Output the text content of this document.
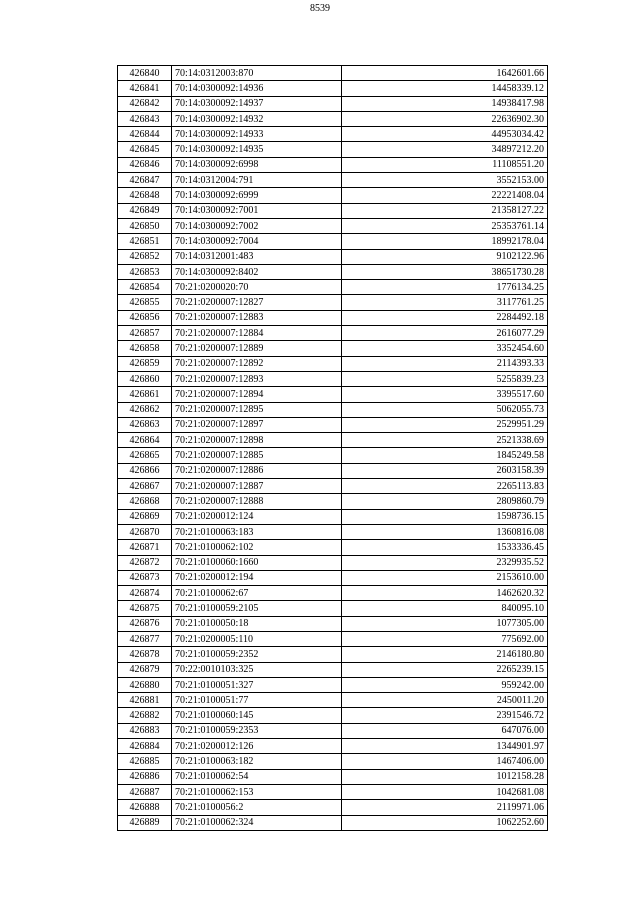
8539
426840	70:14:0312003:870	1642601.66
426841	70:14:0300092:14936	14458339.12
426842	70:14:0300092:14937	14938417.98
426843	70:14:0300092:14932	22636902.30
426844	70:14:0300092:14933	44953034.42
426845	70:14:0300092:14935	34897212.20
426846	70:14:0300092:6998	11108551.20
426847	70:14:0312004:791	3552153.00
426848	70:14:0300092:6999	22221408.04
426849	70:14:0300092:7001	21358127.22
426850	70:14:0300092:7002	25353761.14
426851	70:14:0300092:7004	18992178.04
426852	70:14:0312001:483	9102122.96
426853	70:14:0300092:8402	38651730.28
426854	70:21:0200020:70	1776134.25
426855	70:21:0200007:12827	3117761.25
426856	70:21:0200007:12883	2284492.18
426857	70:21:0200007:12884	2616077.29
426858	70:21:0200007:12889	3352454.60
426859	70:21:0200007:12892	2114393.33
426860	70:21:0200007:12893	5255839.23
426861	70:21:0200007:12894	3395517.60
426862	70:21:0200007:12895	5062055.73
426863	70:21:0200007:12897	2529951.29
426864	70:21:0200007:12898	2521338.69
426865	70:21:0200007:12885	1845249.58
426866	70:21:0200007:12886	2603158.39
426867	70:21:0200007:12887	2265113.83
426868	70:21:0200007:12888	2809860.79
426869	70:21:0200012:124	1598736.15
426870	70:21:0100063:183	1360816.08
426871	70:21:0100062:102	1533336.45
426872	70:21:0100060:1660	2329935.52
426873	70:21:0200012:194	2153610.00
426874	70:21:0100062:67	1462620.32
426875	70:21:0100059:2105	840095.10
426876	70:21:0100050:18	1077305.00
426877	70:21:0200005:110	775692.00
426878	70:21:0100059:2352	2146180.80
426879	70:22:0010103:325	2265239.15
426880	70:21:0100051:327	959242.00
426881	70:21:0100051:77	2450011.20
426882	70:21:0100060:145	2391546.72
426883	70:21:0100059:2353	647076.00
426884	70:21:0200012:126	1344901.97
426885	70:21:0100063:182	1467406.00
426886	70:21:0100062:54	1012158.28
426887	70:21:0100062:153	1042681.08
426888	70:21:0100056:2	2119971.06
426889	70:21:0100062:324	1062252.60
